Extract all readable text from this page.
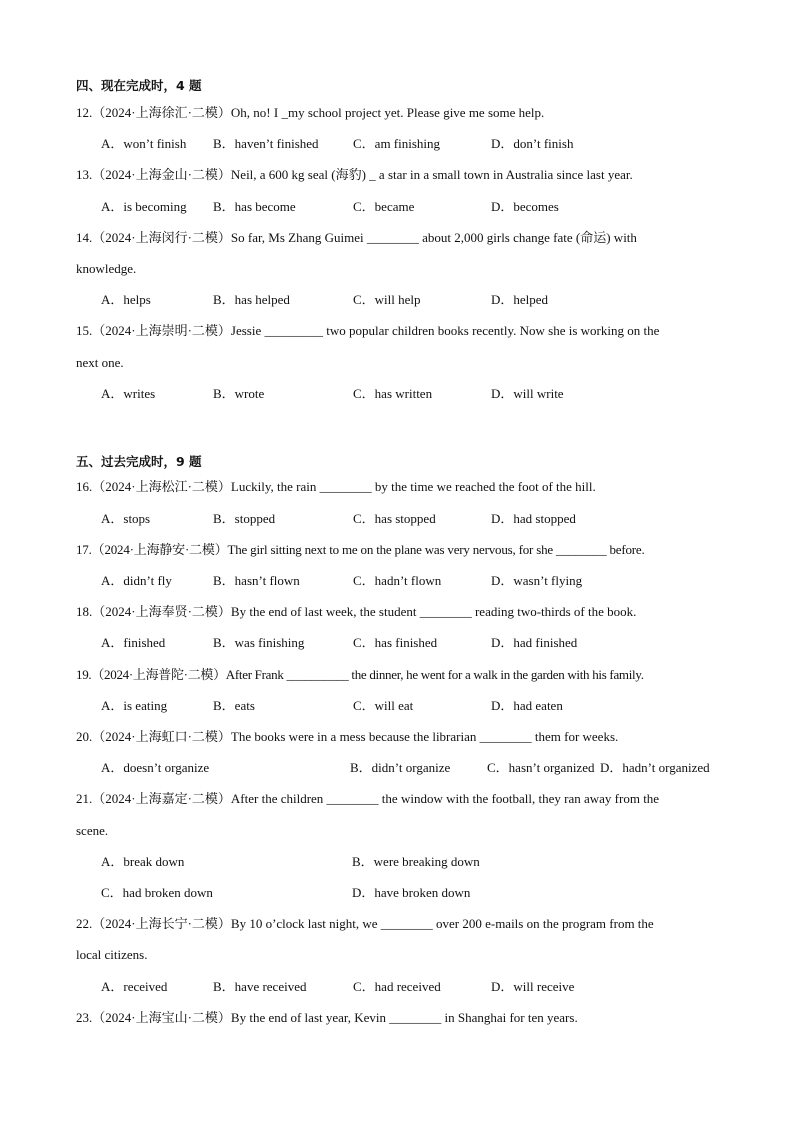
四、现在完成时，4 题
12.（2024·上海徐汇·二模）Oh, no! I _my school project yet. Please give me some help.
A．won’t finish B．haven’t finished	C．am finishing	D．don’t finish
13.（2024·上海金山·二模）Neil, a 600 kg seal (海豹) _ a star in a small town in Australia since last year.
A．is becoming B．has become	C．became	D．becomes
14.（2024·上海闵行·二模）So far, Ms Zhang Guimei ________ about 2,000 girls change fate (命运) with
knowledge.
A．helps	B．has helped	C．will help	D．helped
15.（2024·上海崇明·二模）Jessie _________ two popular children books recently. Now she is working on the
next one.
A．writes	B．wrote	C．has written	D．will write
五、过去完成时，9 题
16.（2024·上海松江·二模）Luckily, the rain ________ by the time we reached the foot of the hill.
A．stops	B．stopped	C．has stopped	D．had stopped
17.（2024·上海静安·二模）The girl sitting next to me on the plane was very nervous, for she ________ before.
A．didn’t fly	B．hasn’t flown	C．hadn’t flown	D．wasn’t flying
18.（2024·上海奉贤·二模）By the end of last week, the student ________ reading two-thirds of the book.
A．finished	B．was finishing	C．has finished	D．had finished
19.（2024·上海普陀·二模）After Frank __________ the dinner, he went for a walk in the garden with his family.
A．is eating	B．eats	C．will eat	D．had eaten
20.（2024·上海虹口·二模）The books were in a mess because the librarian ________ them for weeks.
A．doesn’t organize	B．didn’t organize	C．hasn’t organized D．hadn’t organized
21.（2024·上海嘉定·二模）After the children ________ the window with the football, they ran away from the
scene.
A．break down	B．were breaking down
C．had broken down	D．have broken down
22.（2024·上海长宁·二模）By 10 o’clock last night, we ________ over 200 e-mails on the program from the
local citizens.
A．received	B．have received	C．had received	D．will receive
23.（2024·上海宝山·二模）By the end of last year, Kevin ________ in Shanghai for ten years.
